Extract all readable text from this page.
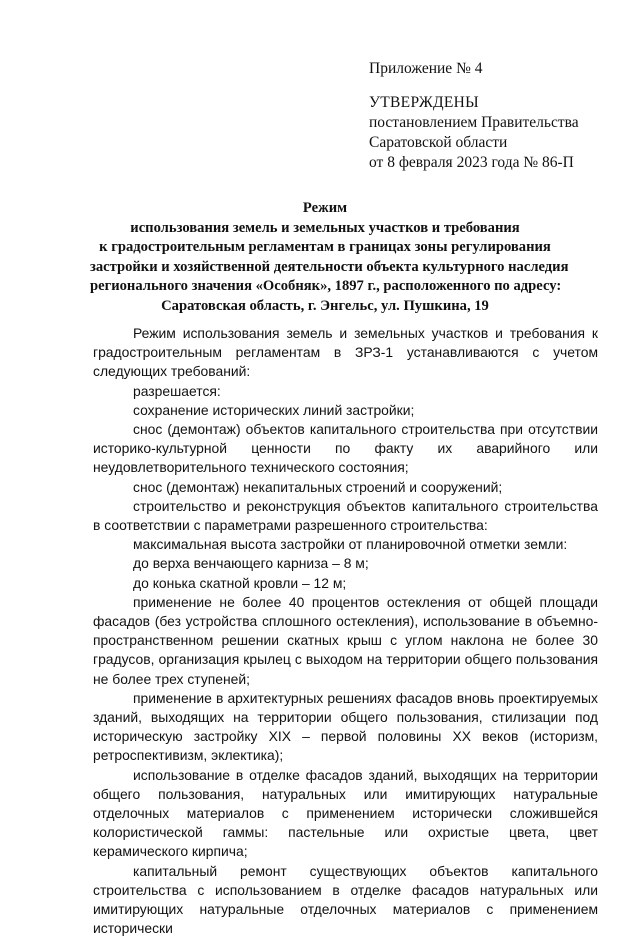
Приложение № 4
УТВЕРЖДЕНЫ
постановлением Правительства
Саратовской области
от 8 февраля 2023 года № 86-П
Режим
использования земель и земельных участков и требования
к градостроительным регламентам в границах зоны регулирования
застройки и хозяйственной деятельности объекта культурного наследия
регионального значения «Особняк», 1897 г., расположенного по адресу:
Саратовская область, г. Энгельс, ул. Пушкина, 19

Режим использования земель и земельных участков и требования к градостроительным регламентам в ЗРЗ-1 устанавливаются с учетом следующих требований:

разрешается:

сохранение исторических линий застройки;

снос (демонтаж) объектов капитального строительства при отсутствии историко-культурной ценности по факту их аварийного или неудовлетворительного технического состояния;

снос (демонтаж) некапитальных строений и сооружений;

строительство и реконструкция объектов капитального строительства в соответствии с параметрами разрешенного строительства:

максимальная высота застройки от планировочной отметки земли:

до верха венчающего карниза – 8 м;

до конька скатной кровли – 12 м;

применение не более 40 процентов остекления от общей площади фасадов (без устройства сплошного остекления), использование в объемно-пространственном решении скатных крыш с углом наклона не более 30 градусов, организация крылец с выходом на территории общего пользования не более трех ступеней;

применение в архитектурных решениях фасадов вновь проектируемых зданий, выходящих на территории общего пользования, стилизации под историческую застройку XIX – первой половины XX веков (историзм, ретроспективизм, эклектика);

использование в отделке фасадов зданий, выходящих на территории общего пользования, натуральных или имитирующих натуральные отделочных материалов с применением исторически сложившейся колористической гаммы: пастельные или охристые цвета, цвет керамического кирпича;

капитальный ремонт существующих объектов капитального строительства с использованием в отделке фасадов натуральных или имитирующих натуральные отделочных материалов с применением исторически
